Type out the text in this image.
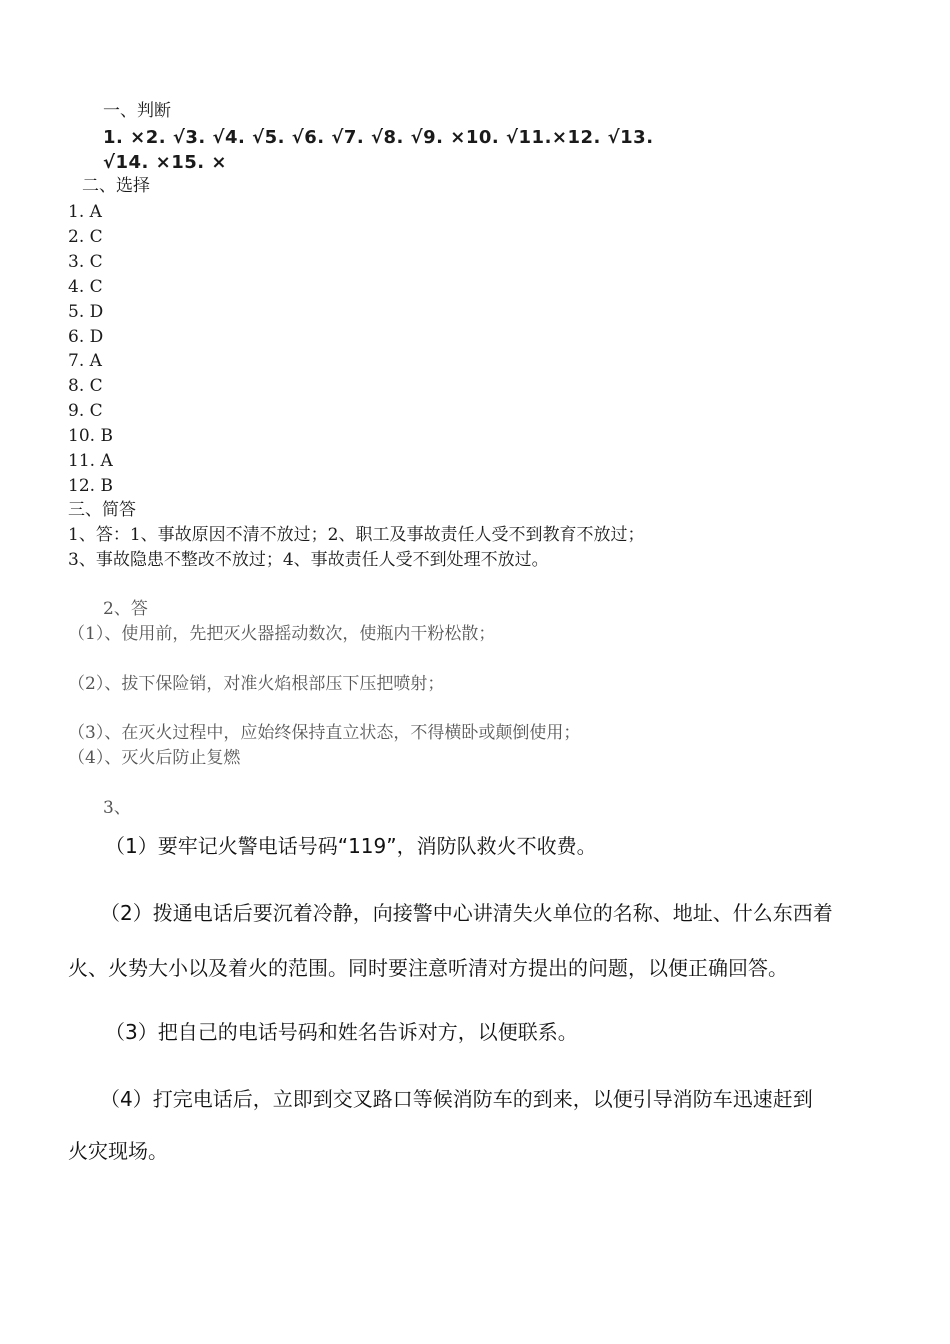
一、判断
1. ×2. √3. √4. √5. √6. √7. √8. √9. ×10. √11.×12. √13.
√14. ×15. ×
二、选择
1. A
2. C
3. C
4. C
5. D
6. D
7. A
8. C
9. C
10. B
11. A
12. B
三、简答
1、答：1、事故原因不清不放过；2、职工及事故责任人受不到教育不放过；
3、事故隐患不整改不放过；4、事故责任人受不到处理不放过。
2、答
（1）、使用前，先把灭火器摇动数次，使瓶内干粉松散；
（2）、拔下保险销，对准火焰根部压下压把喷射；
（3）、在灭火过程中，应始终保持直立状态，不得横卧或颠倒使用；
（4）、灭火后防止复燃
3、
（1）要牢记火警电话号码“119”，消防队救火不收费。
（2）拨通电话后要沉着冷静，向接警中心讲清失火单位的名称、地址、什么东西着
火、火势大小以及着火的范围。同时要注意听清对方提出的问题，以便正确回答。
（3）把自己的电话号码和姓名告诉对方，以便联系。
（4）打完电话后，立即到交叉路口等候消防车的到来，以便引导消防车迅速赶到
火灾现场。
